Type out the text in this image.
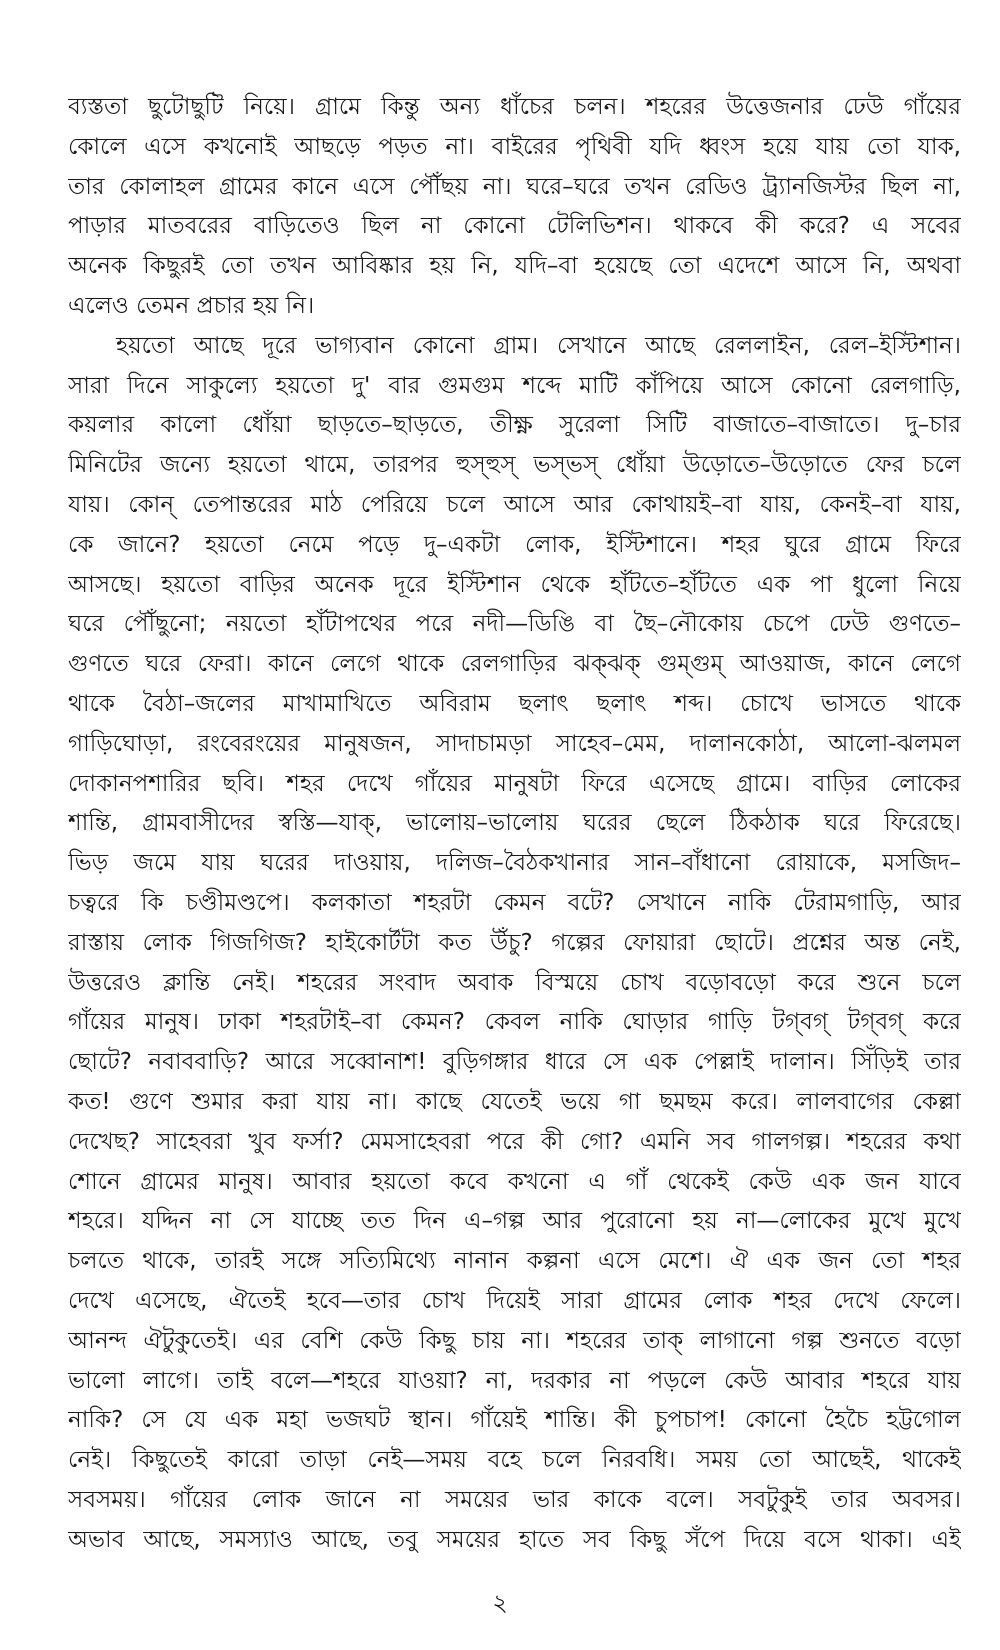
ব্যস্ততা ছুটোছুটি নিয়ে। গ্রামে কিন্তু অন্য ধাঁচের চলন। শহরের উত্তেজনার ঢেউ গাঁয়ের
কোলে এসে কখনোই আছড়ে পড়ত না। বাইরের পৃথিবী যদি ধ্বংস হয়ে যায় তো যাক,
তার কোলাহল গ্রামের কানে এসে পৌঁছয় না। ঘরে–ঘরে তখন রেডিও ট্র্যানজিস্টর ছিল না,
পাড়ার মাতবরের বাড়িতেও ছিল না কোনো টেলিভিশন। থাকবে কী করে? এ সবের
অনেক কিছুরই তো তখন আবিষ্কার হয় নি, যদি–বা হয়েছে তো এদেশে আসে নি, অথবা
এলেও তেমন প্রচার হয় নি।
হয়তো আছে দূরে ভাগ্যবান কোনো গ্রাম। সেখানে আছে রেললাইন, রেল–ইস্টিশান।
সারা দিনে সাকুল্যে হয়তো দু' বার গুমগুম শব্দে মাটি কাঁপিয়ে আসে কোনো রেলগাড়ি,
কয়লার কালো ধোঁয়া ছাড়তে–ছাড়তে, তীক্ষ্ণ সুরেলা সিটি বাজাতে–বাজাতে। দু–চার
মিনিটের জন্যে হয়তো থামে, তারপর হুস্‌হুস্‌ ভস্‌ভস্‌ ধোঁয়া উড়োতে–উড়োতে ফের চলে
যায়। কোন্‌ তেপান্তরের মাঠ পেরিয়ে চলে আসে আর কোথায়ই–বা যায়, কেনই–বা যায়,
কে জানে? হয়তো নেমে পড়ে দু–একটা লোক, ইস্টিশানে। শহর ঘুরে গ্রামে ফিরে
আসছে। হয়তো বাড়ির অনেক দূরে ইস্টিশান থেকে হাঁটতে–হাঁটতে এক পা ধুলো নিয়ে
ঘরে পৌঁছুনো; নয়তো হাঁটাপথের পরে নদী—ডিঙি বা ছৈ–নৌকোয় চেপে ঢেউ গুণতে–
গুণতে ঘরে ফেরা। কানে লেগে থাকে রেলগাড়ির ঝক্‌ঝক্‌ গুম্‌গুম্‌ আওয়াজ, কানে লেগে
থাকে বৈঠা–জলের মাখামাখিতে অবিরাম ছলাৎ ছলাৎ শব্দ। চোখে ভাসতে থাকে
গাড়িঘোড়া, রংবেরংয়ের মানুষজন, সাদাচামড়া সাহেব–মেম, দালানকোঠা, আলো-ঝলমল
দোকানপশারির ছবি। শহর দেখে গাঁয়ের মানুষটা ফিরে এসেছে গ্রামে। বাড়ির লোকের
শান্তি, গ্রামবাসীদের স্বস্তি—যাক্‌, ভালোয়–ভালোয় ঘরের ছেলে ঠিকঠাক ঘরে ফিরেছে।
ভিড় জমে যায় ঘরের দাওয়ায়, দলিজ–বৈঠকখানার সান–বাঁধানো রোয়াকে, মসজিদ–
চত্বরে কি চণ্ডীমণ্ডপে। কলকাতা শহরটা কেমন বটে? সেখানে নাকি টেরামগাড়ি, আর
রাস্তায় লোক গিজগিজ? হাইকোর্টটা কত উঁচু? গল্পের ফোয়ারা ছোটে। প্রশ্নের অন্ত নেই,
উত্তরেও ক্লান্তি নেই। শহরের সংবাদ অবাক বিস্ময়ে চোখ বড়োবড়ো করে শুনে চলে
গাঁয়ের মানুষ। ঢাকা শহরটাই–বা কেমন? কেবল নাকি ঘোড়ার গাড়ি টগ্‌বগ্‌ টগ্‌বগ্‌ করে
ছোটে? নবাববাড়ি? আরে সব্বোনাশ! বুড়িগঙ্গার ধারে সে এক পেল্লাই দালান। সিঁড়িই তার
কত! গুণে শুমার করা যায় না। কাছে যেতেই ভয়ে গা ছমছম করে। লালবাগের কেল্লা
দেখেছ? সাহেবরা খুব ফর্সা? মেমসাহেবরা পরে কী গো? এমনি সব গালগল্প। শহরের কথা
শোনে গ্রামের মানুষ। আবার হয়তো কবে কখনো এ গাঁ থেকেই কেউ এক জন যাবে
শহরে। যদ্দিন না সে যাচ্ছে তত দিন এ–গল্প আর পুরোনো হয় না—লোকের মুখে মুখে
চলতে থাকে, তারই সঙ্গে সত্যিমিথ্যে নানান কল্পনা এসে মেশে। ঐ এক জন তো শহর
দেখে এসেছে, ঐতেই হবে—তার চোখ দিয়েই সারা গ্রামের লোক শহর দেখে ফেলে।
আনন্দ ঐটুকুতেই। এর বেশি কেউ কিছু চায় না। শহরের তাক্‌ লাগানো গল্প শুনতে বড়ো
ভালো লাগে। তাই বলে—শহরে যাওয়া? না, দরকার না পড়লে কেউ আবার শহরে যায়
নাকি? সে যে এক মহা ভজঘট স্থান। গাঁয়েই শান্তি। কী চুপচাপ! কোনো হৈচৈ হট্টগোল
নেই। কিছুতেই কারো তাড়া নেই—সময় বহে চলে নিরবধি। সময় তো আছেই, থাকেই
সবসময়। গাঁয়ের লোক জানে না সময়ের ভার কাকে বলে। সবটুকুই তার অবসর।
অভাব আছে, সমস্যাও আছে, তবু সময়ের হাতে সব কিছু সঁপে দিয়ে বসে থাকা। এই
২
